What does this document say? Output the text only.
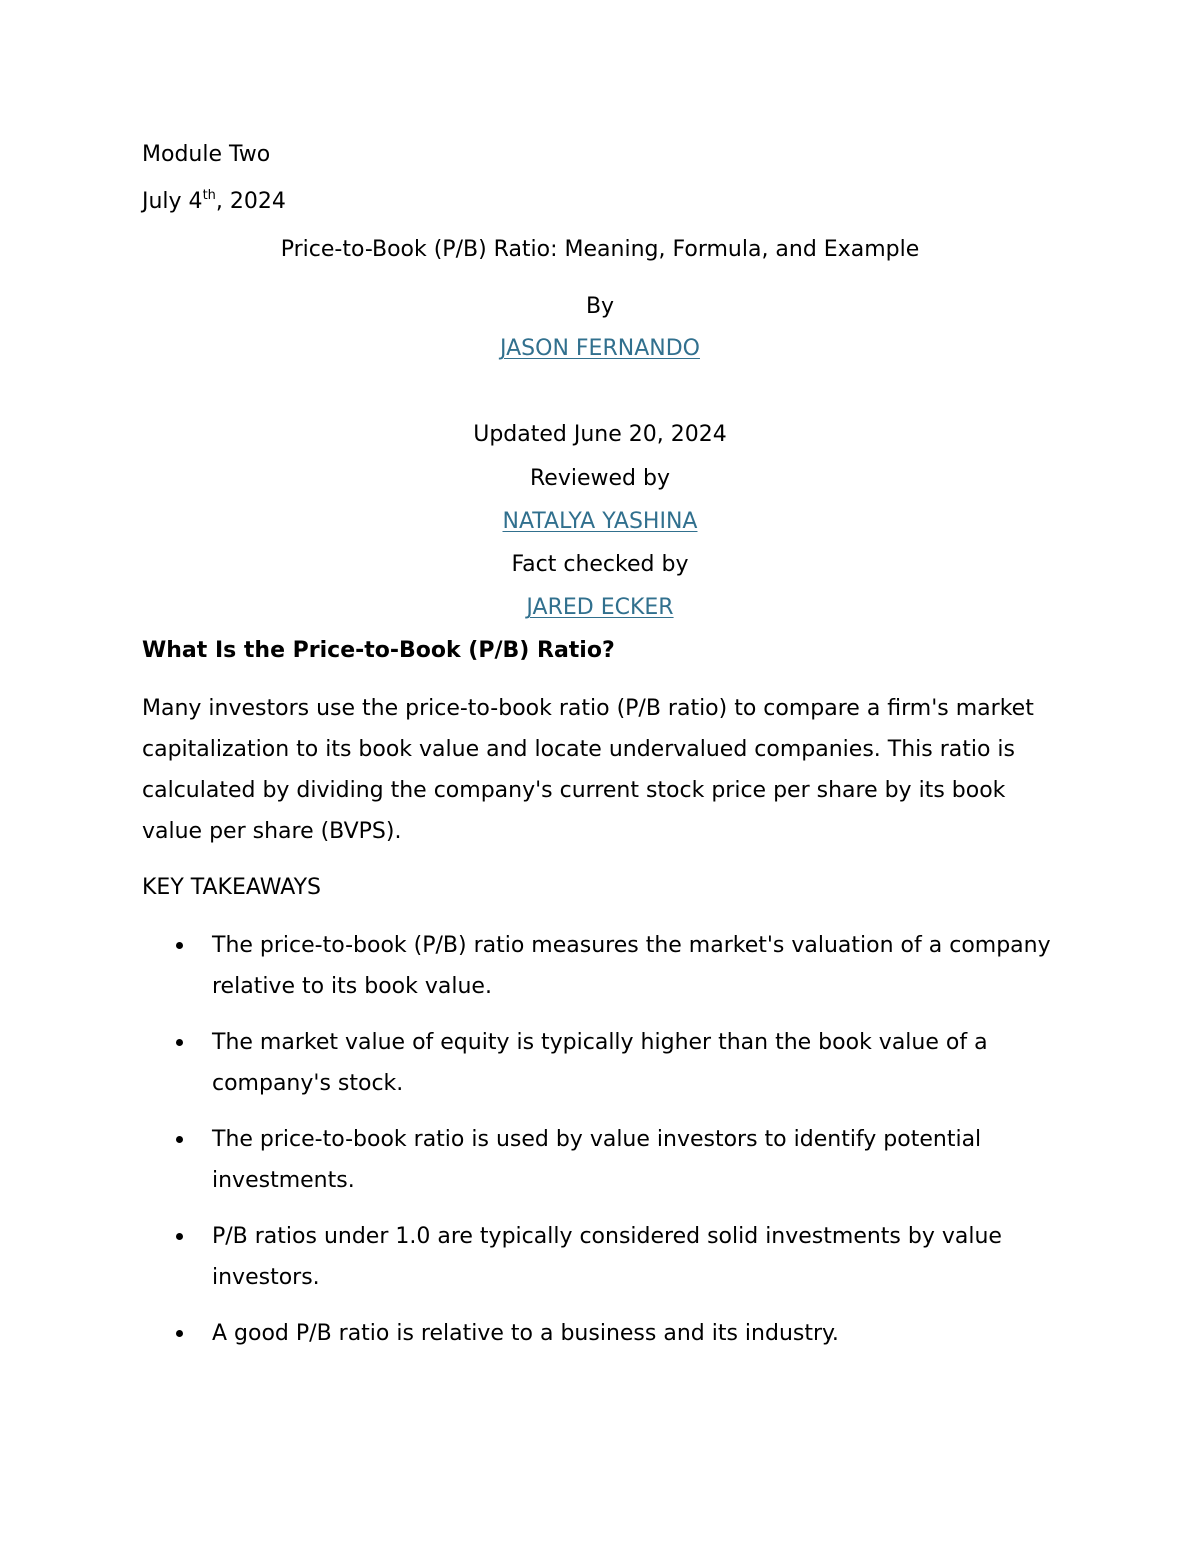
Module Two
July 4th, 2024
Price-to-Book (P/B) Ratio: Meaning, Formula, and Example
By
JASON FERNANDO
Updated June 20, 2024
Reviewed by
NATALYA YASHINA
Fact checked by
JARED ECKER
What Is the Price-to-Book (P/B) Ratio?
Many investors use the price-to-book ratio (P/B ratio) to compare a firm's market capitalization to its book value and locate undervalued companies. This ratio is calculated by dividing the company's current stock price per share by its book value per share (BVPS).
KEY TAKEAWAYS
The price-to-book (P/B) ratio measures the market's valuation of a company relative to its book value.
The market value of equity is typically higher than the book value of a company's stock.
The price-to-book ratio is used by value investors to identify potential investments.
P/B ratios under 1.0 are typically considered solid investments by value investors.
A good P/B ratio is relative to a business and its industry.
